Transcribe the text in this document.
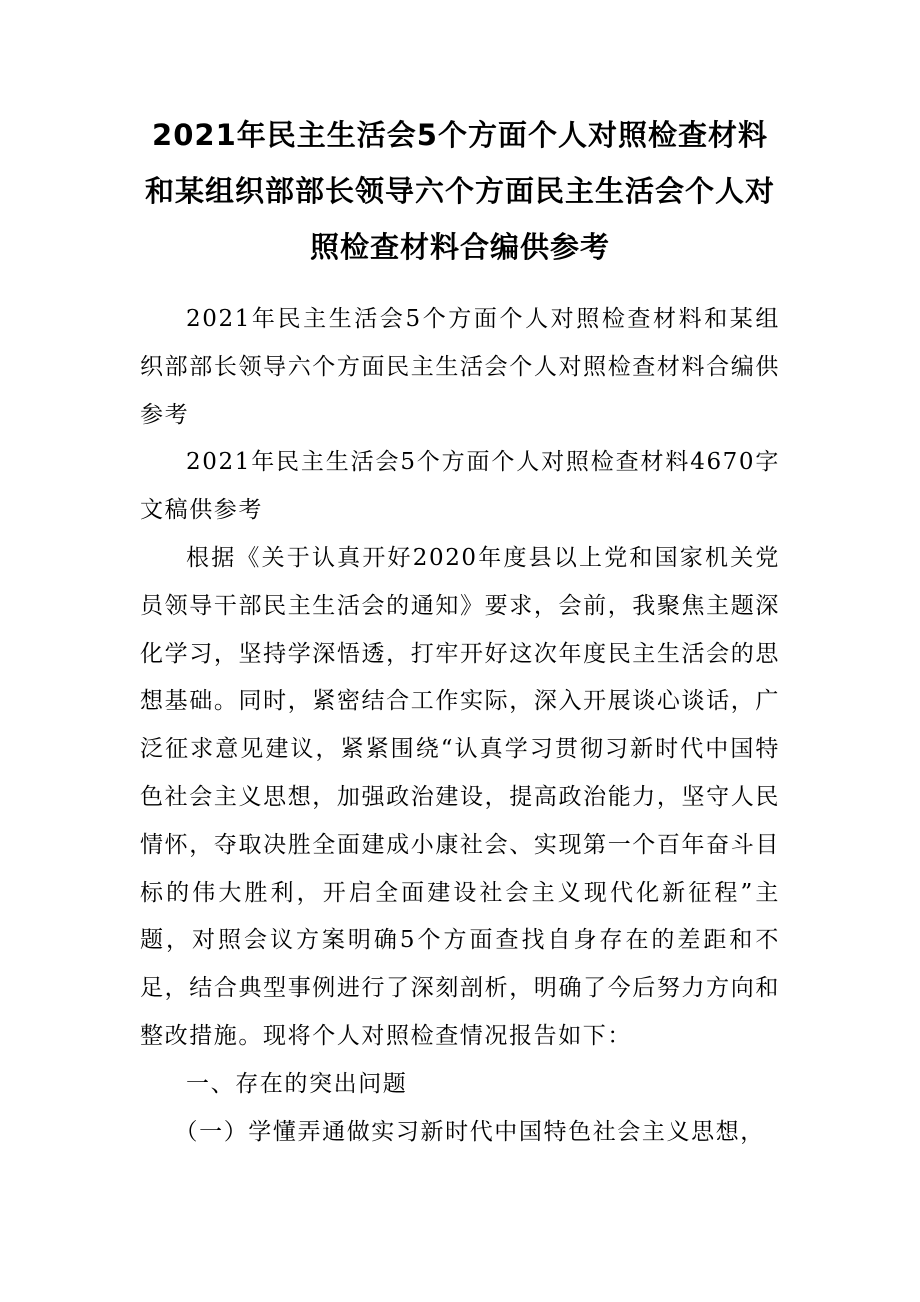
2021年民主生活会5个方面个人对照检查材料和某组织部部长领导六个方面民主生活会个人对照检查材料合编供参考

2021年民主生活会5个方面个人对照检查材料和某组织部部长领导六个方面民主生活会个人对照检查材料合编供参考

2021年民主生活会5个方面个人对照检查材料4670字文稿供参考

根据《关于认真开好2020年度县以上党和国家机关党员领导干部民主生活会的通知》要求，会前，我聚焦主题深化学习，坚持学深悟透，打牢开好这次年度民主生活会的思想基础。同时，紧密结合工作实际，深入开展谈心谈话，广泛征求意见建议，紧紧围绕“认真学习贯彻习新时代中国特色社会主义思想，加强政治建设，提高政治能力，坚守人民情怀，夺取决胜全面建成小康社会、实现第一个百年奋斗目标的伟大胜利，开启全面建设社会主义现代化新征程”主题，对照会议方案明确5个方面查找自身存在的差距和不足，结合典型事例进行了深刻剖析，明确了今后努力方向和整改措施。现将个人对照检查情况报告如下：

一、存在的突出问题

（一）学懂弄通做实习新时代中国特色社会主义思想，
